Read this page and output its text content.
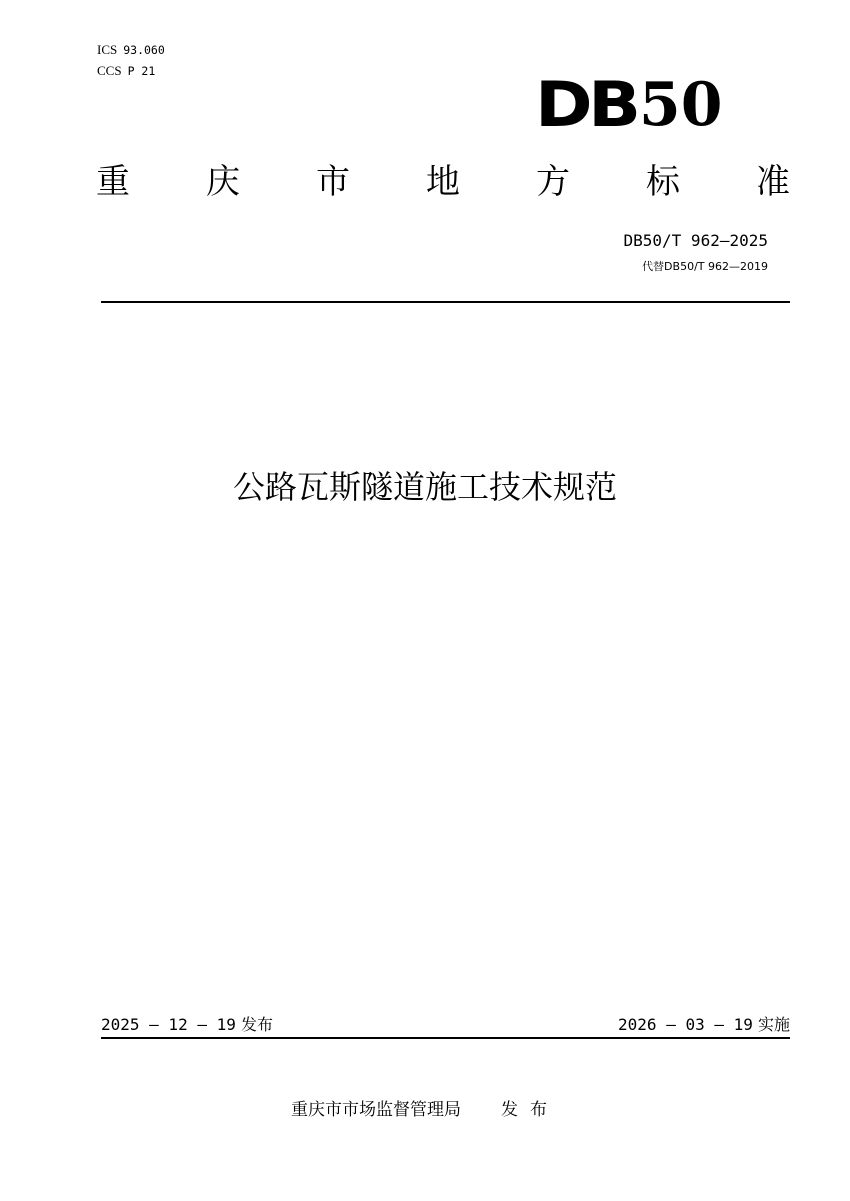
ICS 93.060
CCS P 21	DB 50
重 庆 市 地 方 标 准
DB50/T 962—2025
代替DB50/T 962—2019
公路瓦斯隧道施工技术规范
2025 – 12 – 19 发布	2026 – 03 – 19 实施
重庆市市场监督管理局 发布
